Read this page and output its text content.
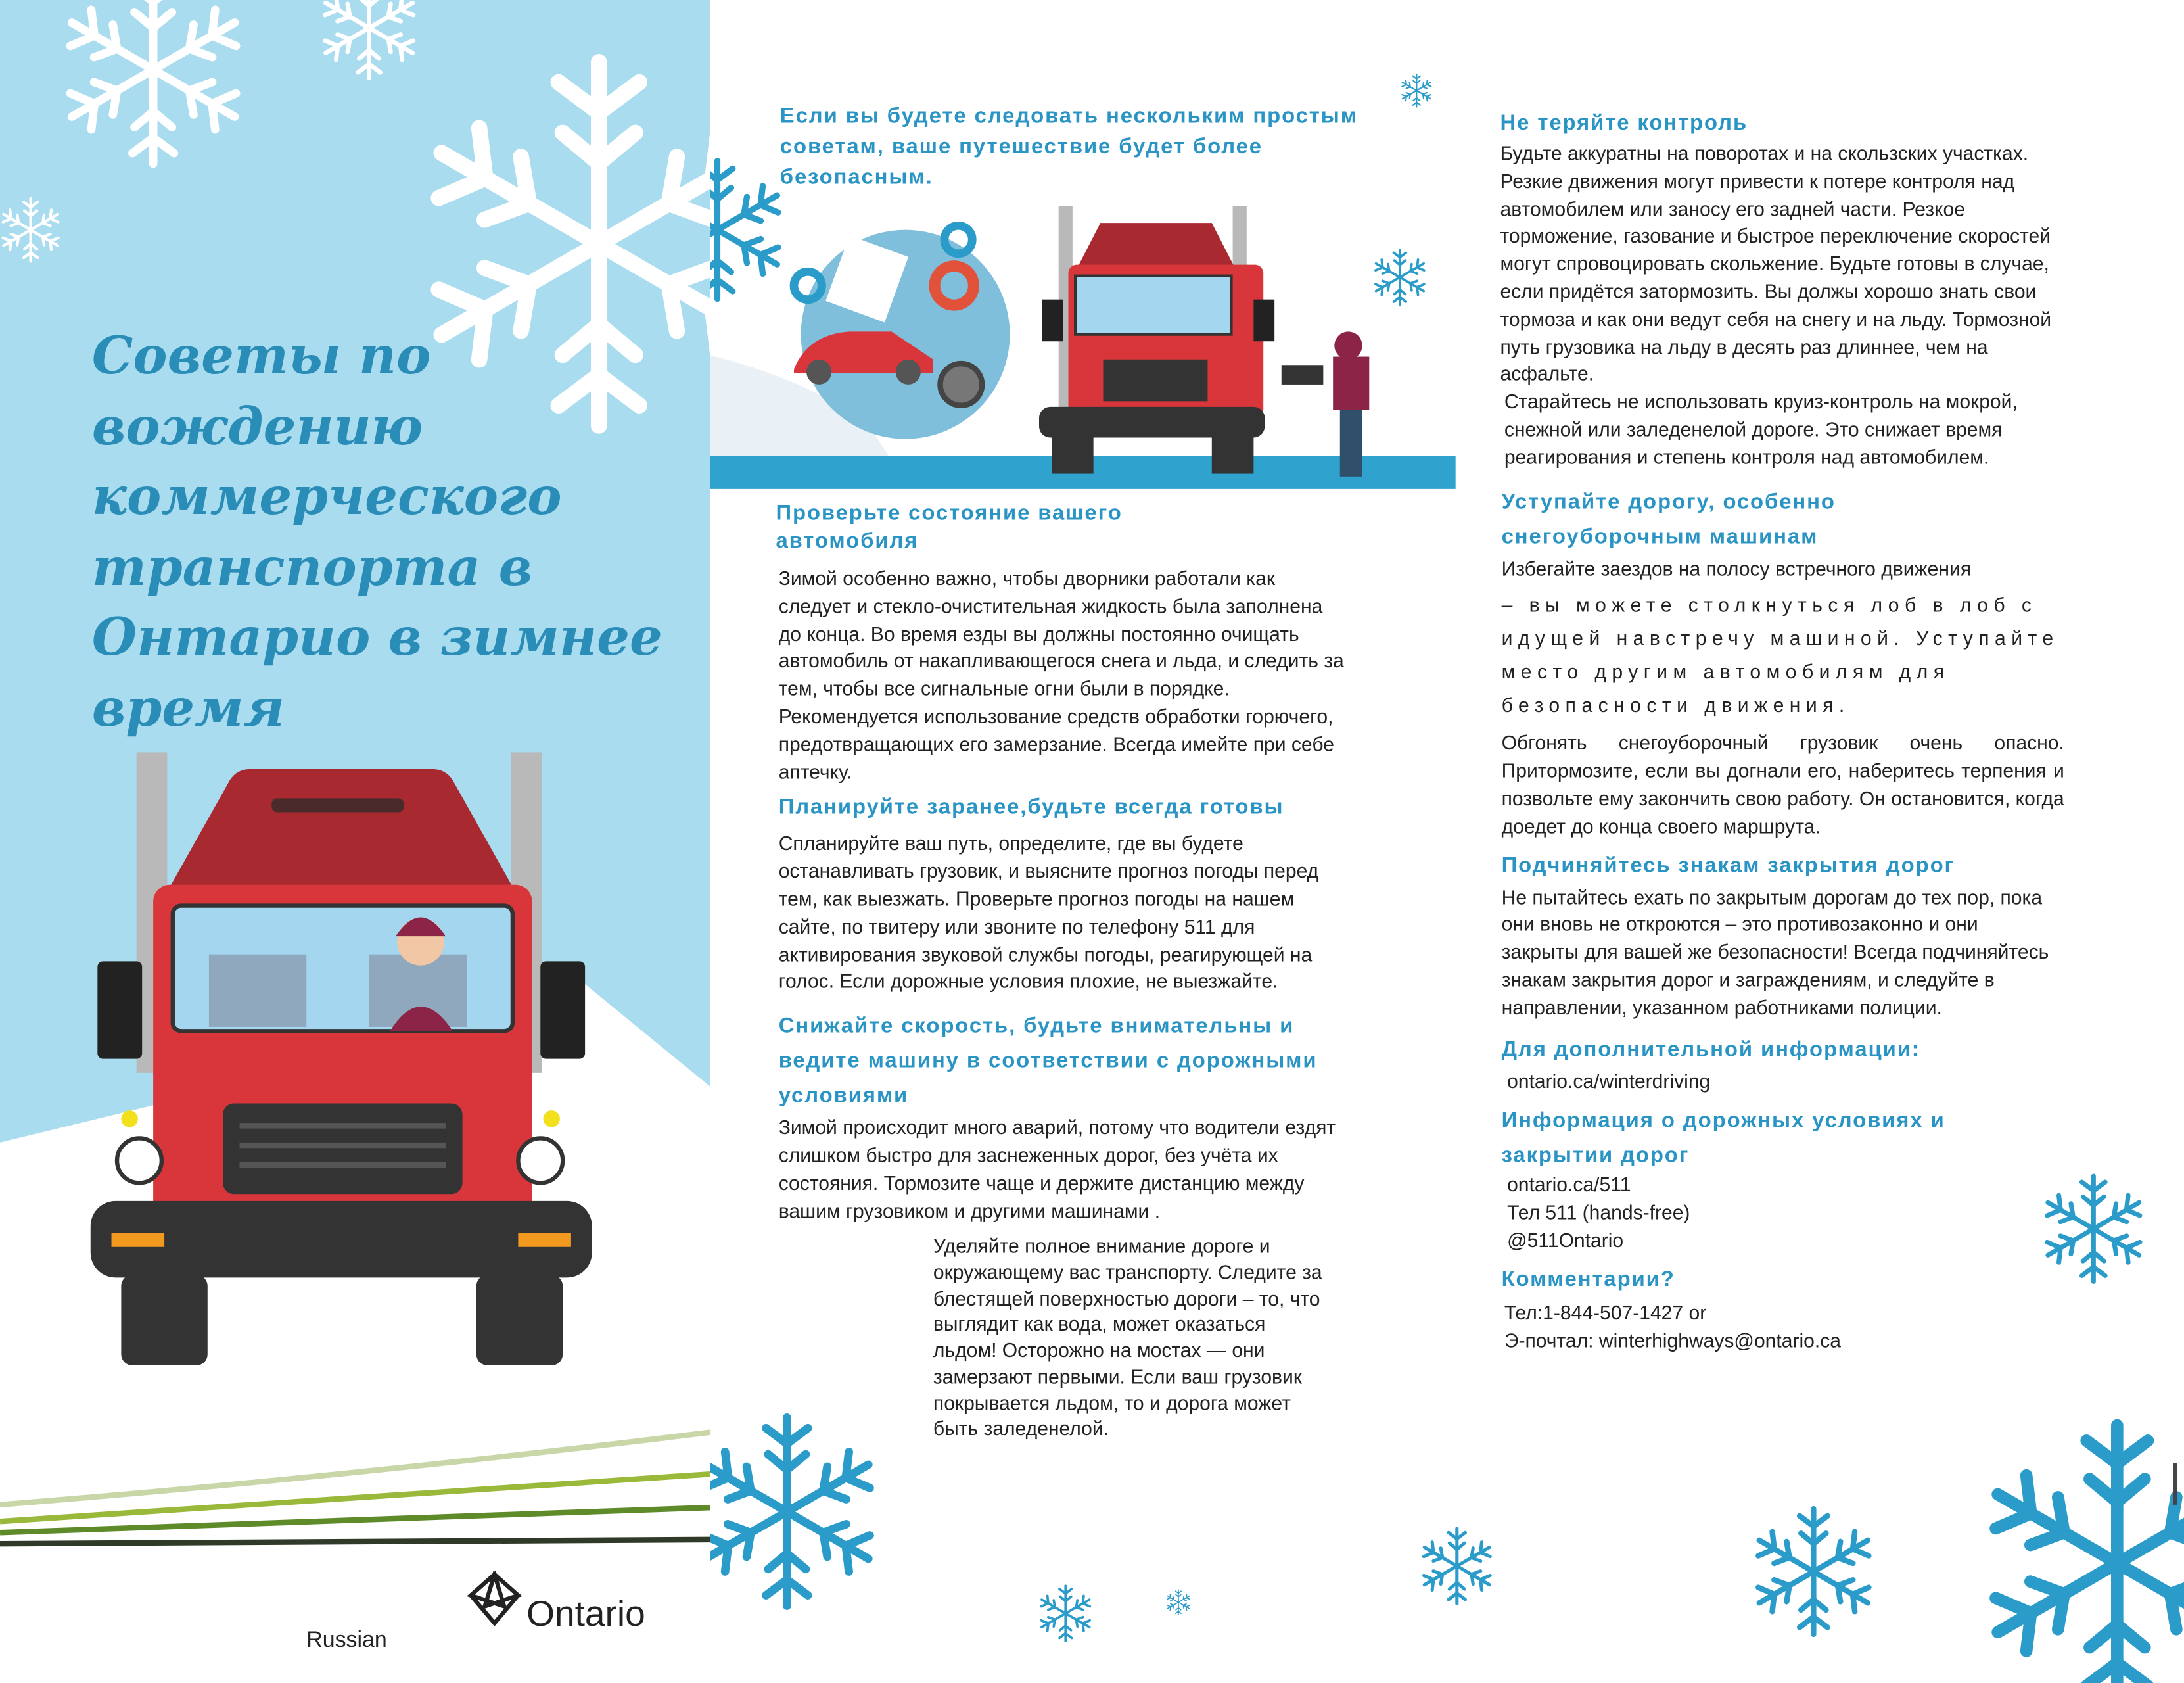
Советы по вождению коммерческого транспорта в Онтарио в зимнее время
Russian
Ontario
Если вы будете следовать нескольким простым советам, ваше путешествие будет более безопасным.
Проверьте состояние вашего автомобиля
Зимой особенно важно, чтобы дворники работали как следует и стекло-очистительная жидкость была заполнена до конца. Во время езды вы должны постоянно очищать автомобиль от накапливающегося снега и льда, и следить за тем, чтобы все сигнальные огни были в порядке. Рекомендуется использование средств обработки горючего, предотвращающих его замерзание. Всегда имейте при себе аптечку.
Планируйте заранее,будьте всегда готовы
Спланируйте ваш путь, определите, где вы будете останавливать грузовик, и выясните прогноз погоды перед тем, как выезжать. Проверьте прогноз погоды на нашем сайте, по твитеру или звоните по телефону 511 для активирования звуковой службы погоды, реагирующей на голос. Если дорожные условия плохие, не выезжайте.
Снижайте скорость, будьте внимательны и ведите машину в соответствии с дорожными условиями
Зимой происходит много аварий, потому что водители ездят слишком быстро для заснеженных дорог, без учёта их состояния. Тормозите чаще и держите дистанцию между вашим грузовиком и другими машинами .
Уделяйте полное внимание дороге и окружающему вас транспорту. Следите за блестящей поверхностью дороги – то, что выглядит как вода, может оказаться льдом! Осторожно на мостах — они замерзают первыми. Если ваш грузовик покрывается льдом, то и дорога может быть заледенелой.
Не теряйте контроль
Будьте аккуратны на поворотах и на скользских участках. Резкие движения могут привести к потере контроля над автомобилем или заносу его задней части. Резкое торможение, газование и быстрое переключение скоростей могут спровоцировать скольжение. Будьте готовы в случае, если придётся затормозить. Вы должы хорошо знать свои тормоза и как они ведут себя на снегу и на льду. Тормозной путь грузовика на льду в десять раз длиннее, чем на асфальте.
Старайтесь не использовать круиз-контроль на мокрой, снежной или заледенелой дороге. Это снижает время реагирования и степень контроля над автомобилем.
Уступайте дорогу, особенно снегоуборочным машинам
Избегайте заездов на полосу встречного движения
– вы можете столкнуться лоб в лоб с идущей навстречу машиной. Уступайте место другим автомобилям для безопасности движения.
Обгонять снегоуборочный грузовик очень опасно. Притормозите, если вы догнали его, наберитесь терпения и позвольте ему закончить свою работу. Он остановится, когда доедет до конца своего маршрута.
Подчиняйтесь знакам закрытия дорог
Не пытайтесь ехать по закрытым дорогам до тех пор, пока они вновь не откроются – это противозаконно и они закрыты для вашей же безопасности! Всегда подчиняйтесь знакам закрытия дорог и заграждениям, и следуйте в направлении, указанном работниками полиции.
Для дополнительной информации:
ontario.ca/winterdriving
Информация о дорожных условиях и закрытии дорог
ontario.ca/511
Тел 511 (hands-free)
@511Ontario
Комментарии?
Тел:1-844-507-1427 or
Э-почтал: winterhighways@ontario.ca
